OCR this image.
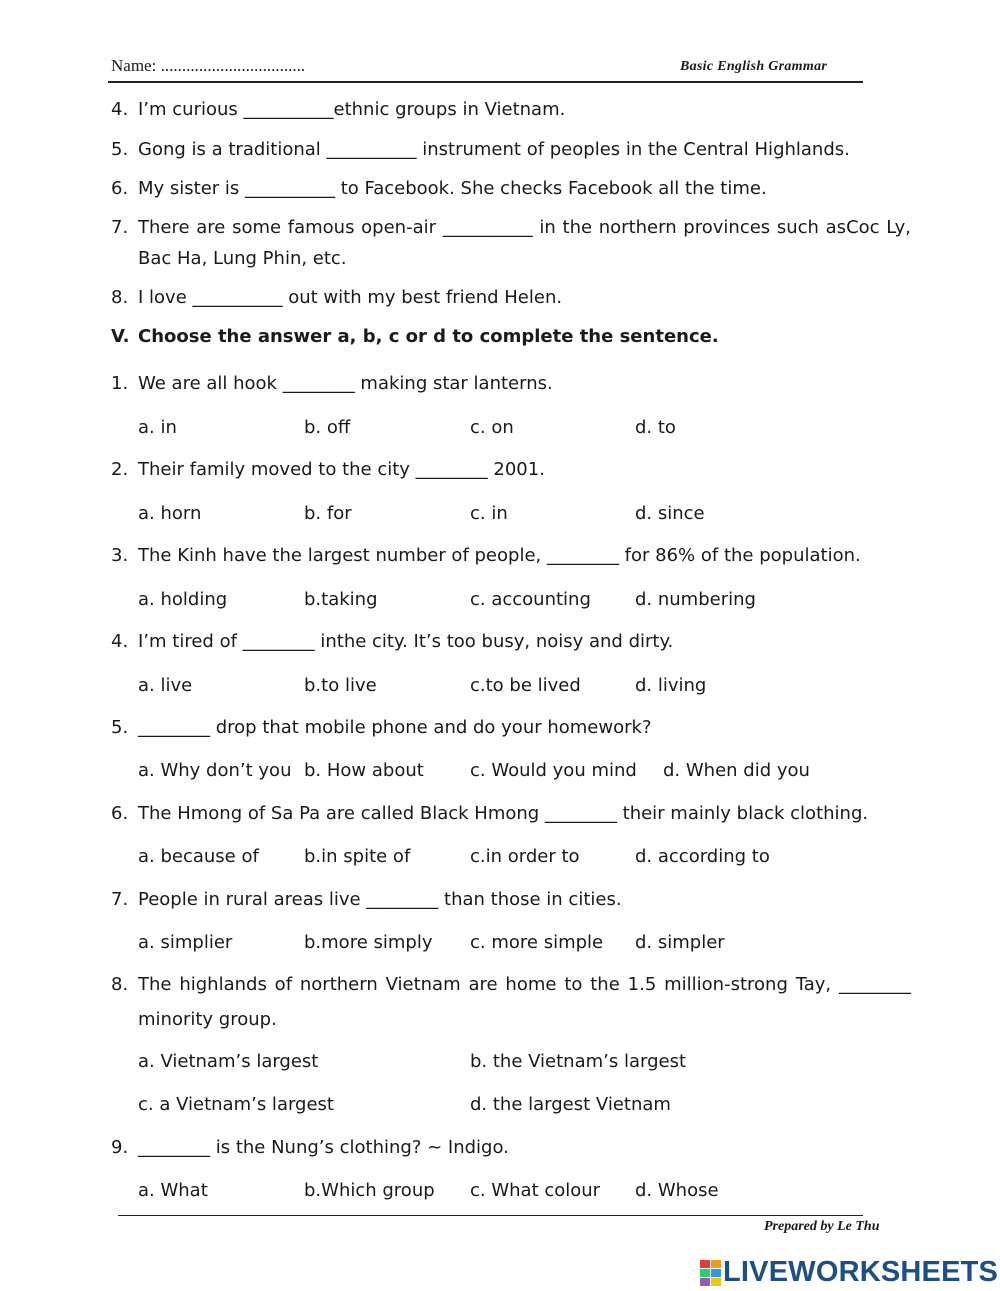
Name: ..................................	Basic English Grammar
4. I’m curious __________ethnic groups in Vietnam.
5. Gong is a traditional __________ instrument of peoples in the Central Highlands.
6. My sister is __________ to Facebook. She checks Facebook all the time.
7. There are some famous open-air __________ in the northern provinces such asCoc Ly,
Bac Ha, Lung Phin, etc.
8. I love __________ out with my best friend Helen.
V. Choose the answer a, b, c or d to complete the sentence.
1. We are all hook ________ making star lanterns.
a. in	b. off	c. on	d. to
2. Their family moved to the city ________ 2001.
a. horn	b. for	c. in	d. since
3. The Kinh have the largest number of people, ________ for 86% of the population.
a. holding	b.taking	c. accounting d. numbering
4. I’m tired of ________ inthe city. It’s too busy, noisy and dirty.
a. live	b.to live	c.to be lived	d. living
5. ________ drop that mobile phone and do your homework?
a. Why don’t you b. How about	c. Would you mind d. When did you
6. The Hmong of Sa Pa are called Black Hmong ________ their mainly black clothing.
a. because of	b.in spite of	c.in order to	d. according to
7. People in rural areas live ________ than those in cities.
a. simplier	b.more simply c. more simple d. simpler
8. The highlands of northern Vietnam are home to the 1.5 million-strong Tay, ________
minority group.
a. Vietnam’s largest	b. the Vietnam’s largest
c. a Vietnam’s largest	d. the largest Vietnam
9. ________ is the Nung’s clothing? ~ Indigo.
a. What	b.Which group c. What colour d. Whose
Prepared by Le Thu
LIVEWORKSHEETS
